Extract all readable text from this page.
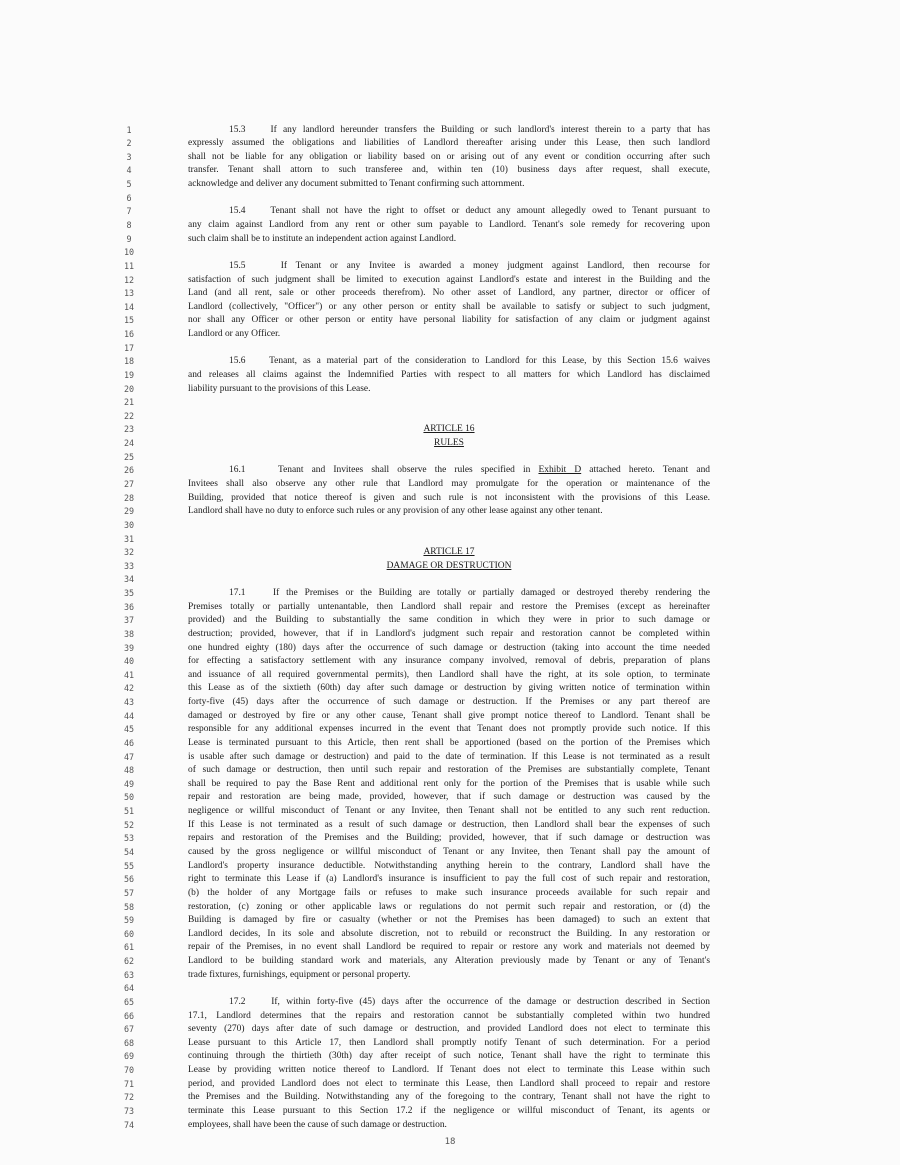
1	15.3    If any landlord hereunder transfers the Building or such landlord's interest therein to a party that has
2	expressly assumed the obligations and liabilities of Landlord thereafter arising under this Lease, then such landlord
3	shall not be liable for any obligation or liability based on or arising out of any event or condition occurring after such
4	transfer. Tenant shall attorn to such transferee and, within ten (10) business days after request, shall execute,
5	acknowledge and deliver any document submitted to Tenant confirming such attornment.
6
7	15.4    Tenant shall not have the right to offset or deduct any amount allegedly owed to Tenant pursuant to
8	any claim against Landlord from any rent or other sum payable to Landlord. Tenant's sole remedy for recovering upon
9	such claim shall be to institute an independent action against Landlord.
10
11	15.5    If Tenant or any Invitee is awarded a money judgment against Landlord, then recourse for
12	satisfaction of such judgment shall be limited to execution against Landlord's estate and interest in the Building and the
13	Land (and all rent, sale or other proceeds therefrom). No other asset of Landlord, any partner, director or officer of
14	Landlord (collectively, "Officer") or any other person or entity shall be available to satisfy or subject to such judgment,
15	nor shall any Officer or other person or entity have personal liability for satisfaction of any claim or judgment against
16	Landlord or any Officer.
17
18	15.6    Tenant, as a material part of the consideration to Landlord for this Lease, by this Section 15.6 waives
19	and releases all claims against the Indemnified Parties with respect to all matters for which Landlord has disclaimed
20	liability pursuant to the provisions of this Lease.
21
22
23	ARTICLE 16
24	RULES
25
26	16.1    Tenant and Invitees shall observe the rules specified in Exhibit D attached hereto. Tenant and
27	Invitees shall also observe any other rule that Landlord may promulgate for the operation or maintenance of the
28	Building, provided that notice thereof is given and such rule is not inconsistent with the provisions of this Lease.
29	Landlord shall have no duty to enforce such rules or any provision of any other lease against any other tenant.
30
31
32	ARTICLE 17
33	DAMAGE OR DESTRUCTION
34
35	17.1    If the Premises or the Building are totally or partially damaged or destroyed thereby rendering the
36	Premises totally or partially untenantable, then Landlord shall repair and restore the Premises (except as hereinafter
37	provided) and the Building to substantially the same condition in which they were in prior to such damage or
38	destruction; provided, however, that if in Landlord's judgment such repair and restoration cannot be completed within
39	one hundred eighty (180) days after the occurrence of such damage or destruction (taking into account the time needed
40	for effecting a satisfactory settlement with any insurance company involved, removal of debris, preparation of plans
41	and issuance of all required governmental permits), then Landlord shall have the right, at its sole option, to terminate
42	this Lease as of the sixtieth (60th) day after such damage or destruction by giving written notice of termination within
43	forty-five (45) days after the occurrence of such damage or destruction. If the Premises or any part thereof are
44	damaged or destroyed by fire or any other cause, Tenant shall give prompt notice thereof to Landlord. Tenant shall be
45	responsible for any additional expenses incurred in the event that Tenant does not promptly provide such notice. If this
46	Lease is terminated pursuant to this Article, then rent shall be apportioned (based on the portion of the Premises which
47	is usable after such damage or destruction) and paid to the date of termination. If this Lease is not terminated as a result
48	of such damage or destruction, then until such repair and restoration of the Premises are substantially complete, Tenant
49	shall be required to pay the Base Rent and additional rent only for the portion of the Premises that is usable while such
50	repair and restoration are being made, provided, however, that if such damage or destruction was caused by the
51	negligence or willful misconduct of Tenant or any Invitee, then Tenant shall not be entitled to any such rent reduction.
52	If this Lease is not terminated as a result of such damage or destruction, then Landlord shall bear the expenses of such
53	repairs and restoration of the Premises and the Building; provided, however, that if such damage or destruction was
54	caused by the gross negligence or willful misconduct of Tenant or any Invitee, then Tenant shall pay the amount of
55	Landlord's property insurance deductible. Notwithstanding anything herein to the contrary, Landlord shall have the
56	right to terminate this Lease if (a) Landlord's insurance is insufficient to pay the full cost of such repair and restoration,
57	(b) the holder of any Mortgage fails or refuses to make such insurance proceeds available for such repair and
58	restoration, (c) zoning or other applicable laws or regulations do not permit such repair and restoration, or (d) the
59	Building is damaged by fire or casualty (whether or not the Premises has been damaged) to such an extent that
60	Landlord decides, In its sole and absolute discretion, not to rebuild or reconstruct the Building. In any restoration or
61	repair of the Premises, in no event shall Landlord be required to repair or restore any work and materials not deemed by
62	Landlord to be building standard work and materials, any Alteration previously made by Tenant or any of Tenant's
63	trade fixtures, furnishings, equipment or personal property.
64
65	17.2    If, within forty-five (45) days after the occurrence of the damage or destruction described in Section
66	17.1, Landlord determines that the repairs and restoration cannot be substantially completed within two hundred
67	seventy (270) days after date of such damage or destruction, and provided Landlord does not elect to terminate this
68	Lease pursuant to this Article 17, then Landlord shall promptly notify Tenant of such determination. For a period
69	continuing through the thirtieth (30th) day after receipt of such notice, Tenant shall have the right to terminate this
70	Lease by providing written notice thereof to Landlord. If Tenant does not elect to terminate this Lease within such
71	period, and provided Landlord does not elect to terminate this Lease, then Landlord shall proceed to repair and restore
72	the Premises and the Building. Notwithstanding any of the foregoing to the contrary, Tenant shall not have the right to
73	terminate this Lease pursuant to this Section 17.2 if the negligence or willful misconduct of Tenant, its agents or
74	employees, shall have been the cause of such damage or destruction.
18
